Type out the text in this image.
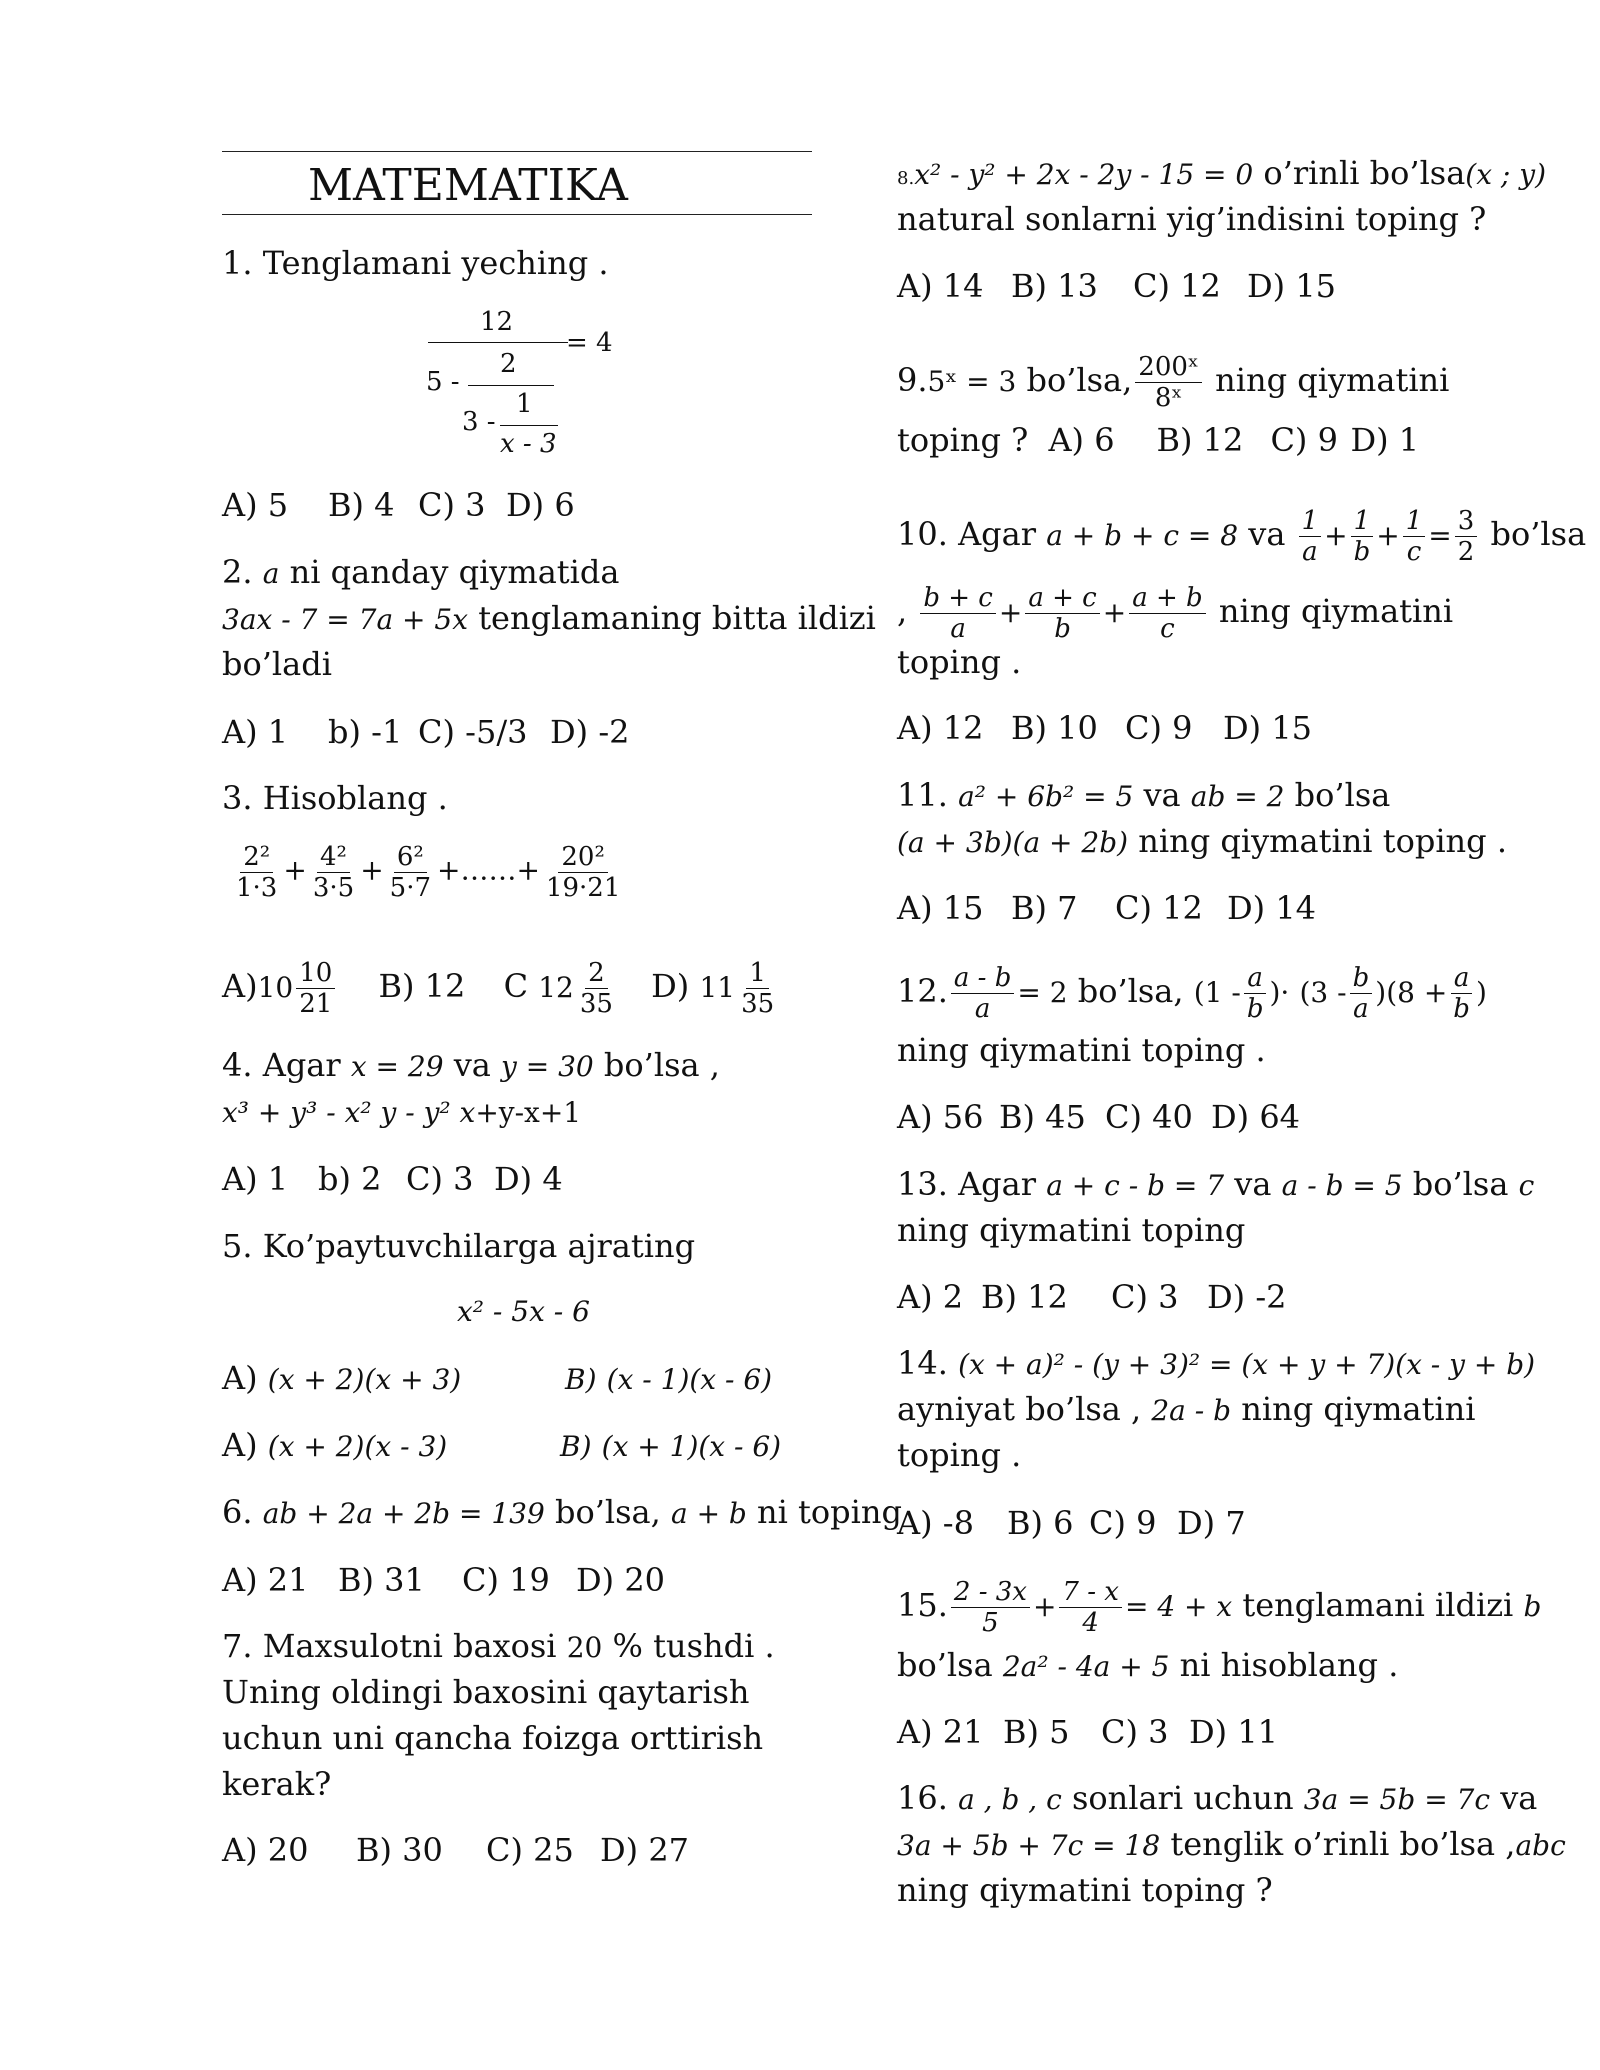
MATEMATIKA
1. Tenglamani yeching .
12
= 4
5 -
2
3 -
1
x - 3
A) 5 B) 4 C) 3 D) 6
2. a ni qanday qiymatida
3ax - 7 = 7a + 5x tenglamaning bitta ildizi
bo’ladi
A) 1 b) -1 C) -5/3 D) -2
3. Hisoblang .
$\frac{\text{2²}}{1\cdot 3} + \frac{\text{4²}}{3\cdot 5} + \frac{\text{6²}}{5\cdot 7}$ +……+ $\frac{\text{20²}}{19\cdot 21}$
$A)10 \frac{10}{21} B$) 12 C $12 \frac{2}{35} D$) $11 \frac{1}{35}$
4. Agar x = 29 va y = 30 bo’lsa ,
x³ + y³ - x² y - y² x+y-x+1
A) 1 b) 2 C) 3 D) 4
5. Ko’paytuvchilarga ajrating
x² - 5x - 6
A) (x + 2)(x + 3)	B) (x - 1)(x - 6)
A) (x + 2)(x - 3)	B) (x + 1)(x - 6)
6. ab + 2a + 2b = 139 bo’lsa, a + b ni toping
A) 21 B) 31 C) 19 D) 20
7. Maxsulotni baxosi 20 % tushdi .
Uning oldingi baxosini qaytarish
uchun uni qancha foizga orttirish
kerak?
A) 20 B) 30 C) 25 D) 27
8.x² - y² + 2x - 2y - 15 = 0 o’rinli bo’lsa(x ; y)
natural sonlarni yig’indisini toping ?
A) 14 B) 13 C) 12 D) 15
9.5ˣ = 3 bo’lsa, $\frac{\text{200ˣ}}{\text{8ˣ}}$ ning qiymatini
toping ? A) 6 B) 12 C) 9 D) 1
10. Agar a + b + c = 8 va $\frac{1}{a} + \frac{1}{b} + \frac{1}{c} = \frac{3}{2}$ bo’lsa
, $\frac{b + c}{a} + \frac{a + c}{b} + \frac{a + b}{c}$ ning qiymatini
toping .
A) 12 B) 10 C) 9 D) 15
11. a² + 6b² = 5 va ab = 2 bo’lsa
(a + 3b)(a + 2b) ning qiymatini toping .
A) 15 B) 7 C) 12 D) 14
12. $\frac{a - b}{a} = 2$ bo’lsa, ($1 - \frac{a}{b}$ )· $(3 - \frac{b}{a} )(8 + \frac{a}{b}$ )
ning qiymatini toping .
A) 56 B) 45 C) 40 D) 64
13. Agar a + c - b = 7 va a - b = 5 bo’lsa c
ning qiymatini toping
A) 2 B) 12 C) 3 D) -2
14. (x + a)² - (y + 3)² = (x + y + 7)(x - y + b)
ayniyat bo’lsa , 2a - b ning qiymatini
toping .
A) -8 B) 6 C) 9 D) 7
15. $\frac{2 - 3x}{5} + \frac{7 - x}{4} = 4 + x$ tenglamani ildizi b
bo’lsa 2a² - 4a + 5 ni hisoblang .
A) 21 B) 5 C) 3 D) 11
16. a , b , c sonlari uchun 3a = 5b = 7c va
3a + 5b + 7c = 18 tenglik o’rinli bo’lsa ,abc
ning qiymatini toping ?
